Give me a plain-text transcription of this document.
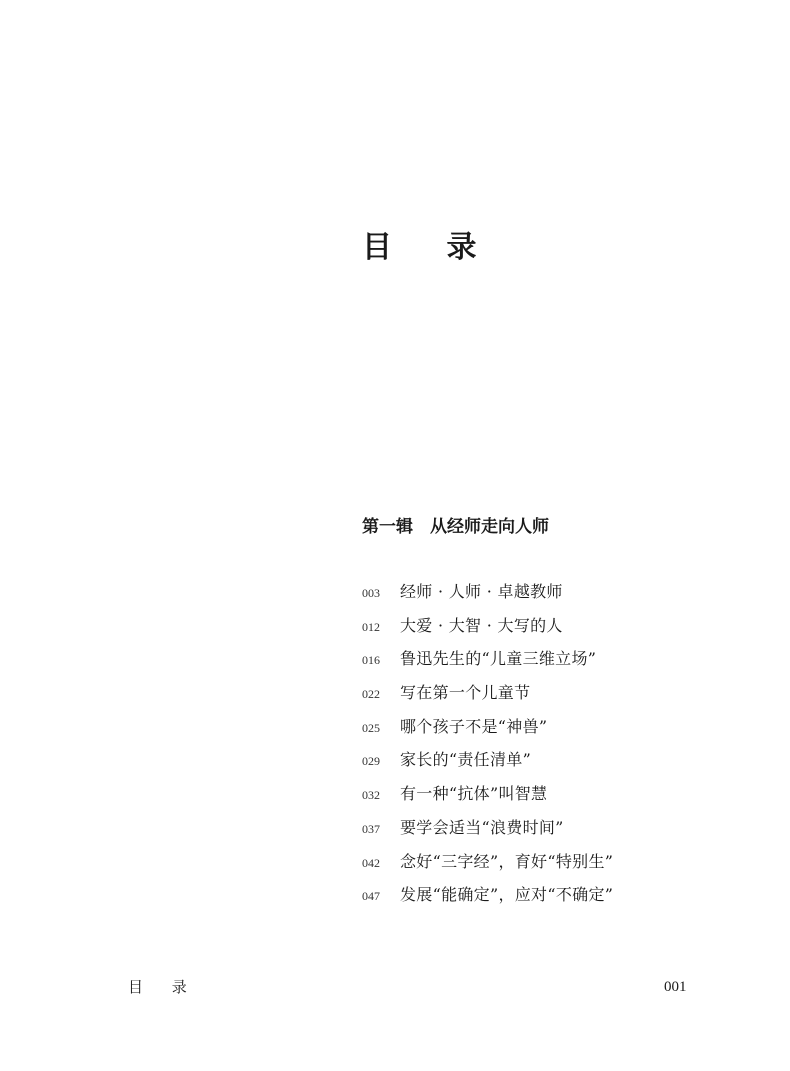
目 录
第一辑　从经师走向人师
003	经师 · 人师 · 卓越教师
012	大爱 · 大智 · 大写的人
016	鲁迅先生的“儿童三维立场”
022	写在第一个儿童节
025	哪个孩子不是“神兽”
029	家长的“责任清单”
032	有一种“抗体”叫智慧
037	要学会适当“浪费时间”
042	念好“三字经”，育好“特别生”
047	发展“能确定”，应对“不确定”
目 录	001
